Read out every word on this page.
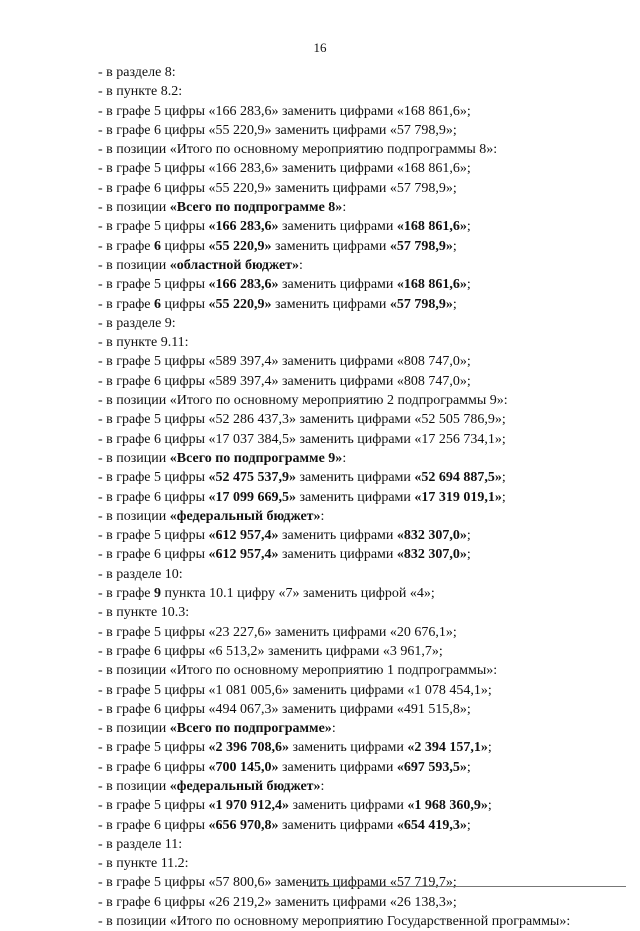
16
- в разделе 8:
- в пункте 8.2:
- в графе 5 цифры «166 283,6» заменить цифрами «168 861,6»;
- в графе 6 цифры «55 220,9» заменить цифрами «57 798,9»;
- в позиции «Итого по основному мероприятию подпрограммы 8»:
- в графе 5 цифры «166 283,6» заменить цифрами «168 861,6»;
- в графе 6 цифры «55 220,9» заменить цифрами «57 798,9»;
- в позиции «Всего по подпрограмме 8»:
- в графе 5 цифры «166 283,6» заменить цифрами «168 861,6»;
- в графе 6 цифры «55 220,9» заменить цифрами «57 798,9»;
- в позиции «областной бюджет»:
- в графе 5 цифры «166 283,6» заменить цифрами «168 861,6»;
- в графе 6 цифры «55 220,9» заменить цифрами «57 798,9»;
- в разделе 9:
- в пункте 9.11:
- в графе 5 цифры «589 397,4» заменить цифрами «808 747,0»;
- в графе 6 цифры «589 397,4» заменить цифрами «808 747,0»;
- в позиции «Итого по основному мероприятию 2 подпрограммы 9»:
- в графе 5 цифры «52 286 437,3» заменить цифрами «52 505 786,9»;
- в графе 6 цифры «17 037 384,5» заменить цифрами «17 256 734,1»;
- в позиции «Всего по подпрограмме 9»:
- в графе 5 цифры «52 475 537,9» заменить цифрами «52 694 887,5»;
- в графе 6 цифры «17 099 669,5» заменить цифрами «17 319 019,1»;
- в позиции «федеральный бюджет»:
- в графе 5 цифры «612 957,4» заменить цифрами «832 307,0»;
- в графе 6 цифры «612 957,4» заменить цифрами «832 307,0»;
- в разделе 10:
- в графе 9 пункта 10.1 цифру «7» заменить цифрой «4»;
- в пункте 10.3:
- в графе 5 цифры «23 227,6» заменить цифрами «20 676,1»;
- в графе 6 цифры «6 513,2» заменить цифрами «3 961,7»;
- в позиции «Итого по основному мероприятию 1 подпрограммы»:
- в графе 5 цифры «1 081 005,6» заменить цифрами «1 078 454,1»;
- в графе 6 цифры «494 067,3» заменить цифрами «491 515,8»;
- в позиции «Всего по подпрограмме»:
- в графе 5 цифры «2 396 708,6» заменить цифрами «2 394 157,1»;
- в графе 6 цифры «700 145,0» заменить цифрами «697 593,5»;
- в позиции «федеральный бюджет»:
- в графе 5 цифры «1 970 912,4» заменить цифрами «1 968 360,9»;
- в графе 6 цифры «656 970,8» заменить цифрами «654 419,3»;
- в разделе 11:
- в пункте 11.2:
- в графе 5 цифры «57 800,6» заменить цифрами «57 719,7»;
- в графе 6 цифры «26 219,2» заменить цифрами «26 138,3»;
- в позиции «Итого по основному мероприятию Государственной программы»:
